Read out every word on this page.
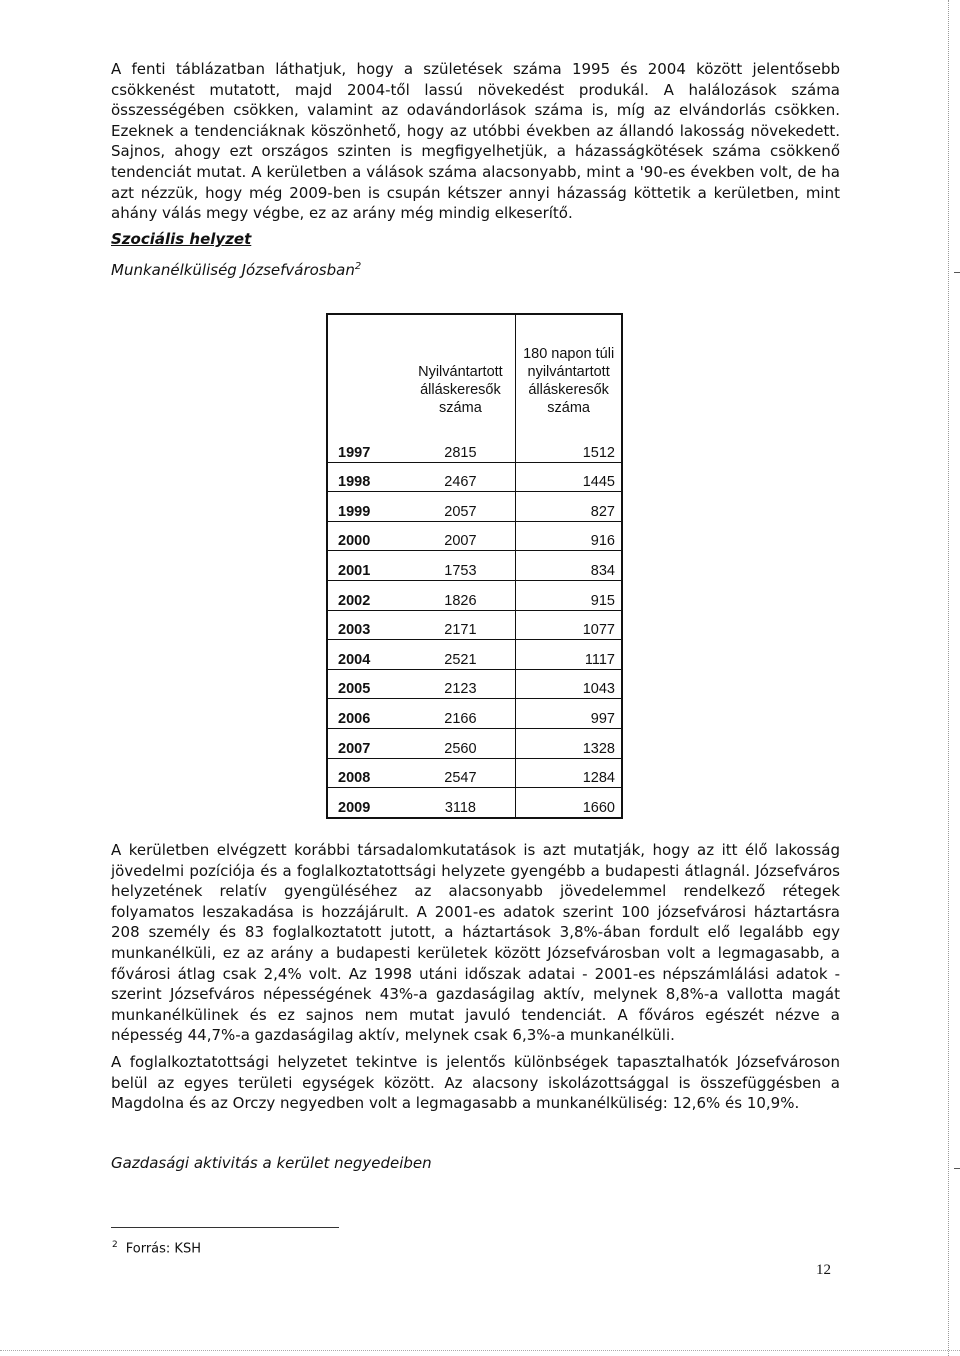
A fenti táblázatban láthatjuk, hogy a születések száma 1995 és 2004 között jelentősebb csökkenést mutatott, majd 2004-től lassú növekedést produkál. A halálozások száma összességében csökken, valamint az odavándorlások száma is, míg az elvándorlás csökken. Ezeknek a tendenciáknak köszönhető, hogy az utóbbi években az állandó lakosság növekedett. Sajnos, ahogy ezt országos szinten is megfigyelhetjük, a házasságkötések száma csökkenő tendenciát mutat. A kerületben a válások száma alacsonyabb, mint a '90-es években volt, de ha azt nézzük, hogy még 2009-ben is csupán kétszer annyi házasság köttetik a kerületben, mint ahány válás megy végbe, ez az arány még mindig elkeserítő.

Szociális helyzet

Munkanélküliség Józsefvárosban$^2$

	Nyilvántartott álláskeresők száma	180 napon túli nyilvántartott álláskeresők száma

1997	2815	1512
1998	2467	1445
1999	2057	827
2000	2007	916
2001	1753	834
2002	1826	915
2003	2171	1077
2004	2521	1117
2005	2123	1043
2006	2166	997
2007	2560	1328
2008	2547	1284
2009	3118	1660

A kerületben elvégzett korábbi társadalomkutatások is azt mutatják, hogy az itt élő lakosság jövedelmi pozíciója és a foglalkoztatottsági helyzete gyengébb a budapesti átlagnál. Józsefváros helyzetének relatív gyengüléséhez az alacsonyabb jövedelemmel rendelkező rétegek folyamatos leszakadása is hozzájárult. A 2001-es adatok szerint 100 józsefvárosi háztartásra 208 személy és 83 foglalkoztatott jutott, a háztartások 3,8%-ában fordult elő legalább egy munkanélküli, ez az arány a budapesti kerületek között Józsefvárosban volt a legmagasabb, a fővárosi átlag csak 2,4% volt. Az 1998 utáni időszak adatai - 2001-es népszámlálási adatok - szerint Józsefváros népességének 43%-a gazdaságilag aktív, melynek 8,8%-a vallotta magát munkanélkülinek és ez sajnos nem mutat javuló tendenciát. A főváros egészét nézve a népesség 44,7%-a gazdaságilag aktív, melynek csak 6,3%-a munkanélküli.

A foglalkoztatottsági helyzetet tekintve is jelentős különbségek tapasztalhatók Józsefvároson belül az egyes területi egységek között. Az alacsony iskolázottsággal is összefüggésben a Magdolna és az Orczy negyedben volt a legmagasabb a munkanélküliség: 12,6% és 10,9%.

Gazdasági aktivitás a kerület negyedeiben

$^2$ Forrás: KSH

12
